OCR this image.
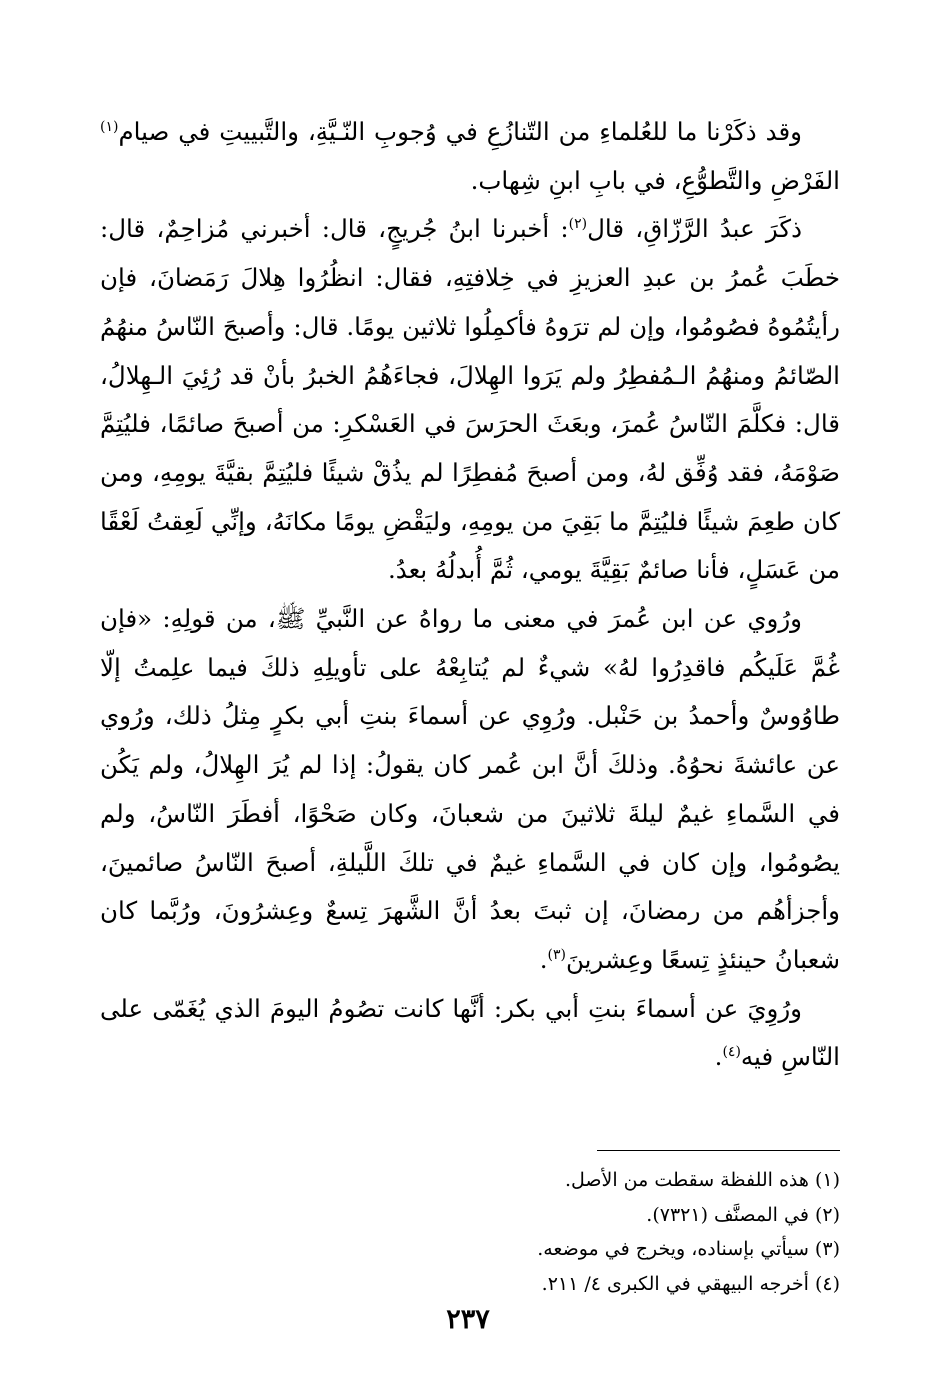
وقد ذكَرْنا ما للعُلماءِ من التّنازُعِ في وُجوبِ النّـيَّةِ، والتَّبييتِ في صيام$^{(١)}$ الفَرْضِ والتَّطوُّعِ، في بابِ ابنِ شِهاب.

ذكَرَ عبدُ الرَّزّاقِ، قال$^{(٢)}$: أخبرنا ابنُ جُريجٍ، قال: أخبرني مُزاحِمٌ، قال: خطَبَ عُمرُ بن عبدِ العزيزِ في خِلافتِهِ، فقال: انظُرُوا هِلالَ رَمَضانَ، فإن رأيتُمُوهُ فصُومُوا، وإن لم ترَوهُ فأكمِلُوا ثلاثين يومًا. قال: وأصبحَ النّاسُ منهُمُ الصّائمُ ومنهُمُ الـمُفطِرُ ولم يَرَوا الهِلالَ، فجاءَهُمُ الخبرُ بأنْ قد رُئِيَ الـهِلالُ، قال: فكلَّمَ النّاسُ عُمرَ، وبعَثَ الحرَسَ في العَسْكرِ: من أصبحَ صائمًا، فليُتِمَّ صَوْمَهُ، فقد وُفِّق لهُ، ومن أصبحَ مُفطِرًا لم يذُقْ شيئًا فليُتِمَّ بقيَّةَ يومِهِ، ومن كان طعِمَ شيئًا فليُتِمَّ ما بَقِيَ من يومِهِ، وليَقْضِ يومًا مكانَهُ، وإنِّي لَعِقتُ لَعْقًا من عَسَلٍ، فأنا صائمٌ بَقِيَّةَ يومي، ثُمَّ أُبدلُهُ بعدُ.

ورُوي عن ابن عُمرَ في معنى ما رواهُ عن النَّبيِّ ﷺ، من قولِهِ: «فإن غُمَّ عَلَيكُم فاقدِرُوا لهُ» شيءٌ لم يُتابِعْهُ على تأويلِهِ ذلكَ فيما علِمتُ إلّا طاوُوسٌ وأحمدُ بن حَنْبل. ورُوِي عن أسماءَ بنتِ أبي بكرٍ مِثلُ ذلك، ورُوي عن عائشةَ نحوُهُ. وذلكَ أنَّ ابن عُمر كان يقولُ: إذا لم يُرَ الهِلالُ، ولم يَكُن في السَّماءِ غيمٌ ليلةَ ثلاثينَ من شعبانَ، وكان صَحْوًا، أفطَرَ النّاسُ، ولم يصُومُوا، وإن كان في السَّماءِ غيمٌ في تلكَ اللَّيلةِ، أصبحَ النّاسُ صائمينَ، وأجزأهُم من رمضانَ، إن ثبتَ بعدُ أنَّ الشَّهرَ تِسعٌ وعِشرُونَ، ورُبَّما كان شعبانُ حينئذٍ تِسعًا وعِشرينَ$^{(٣)}$.

ورُوِيَ عن أسماءَ بنتِ أبي بكر: أنَّها كانت تصُومُ اليومَ الذي يُغَمّى على النّاسِ فيه$^{(٤)}$.

(١) هذه اللفظة سقطت من الأصل.

(٢) في المصنَّف (٧٣٢١).

(٣) سيأتي بإسناده، ويخرج في موضعه.

(٤) أخرجه البيهقي في الكبرى ٤/ ٢١١.

٢٣٧
